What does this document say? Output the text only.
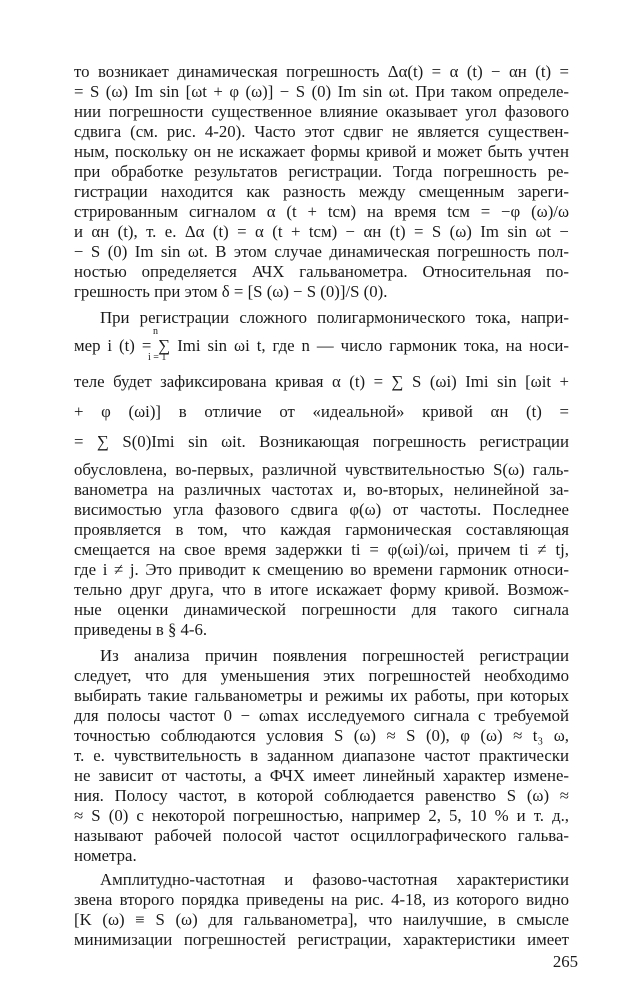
то возникает динамическая погрешность Δα(t) = α (t) − αн (t) =
= S (ω) Im sin [ωt + φ (ω)] − S (0) Im sin ωt. При таком определе-
нии погрешности существенное влияние оказывает угол фазового
сдвига (см. рис. 4-20). Часто этот сдвиг не является существен-
ным, поскольку он не искажает формы кривой и может быть учтен
при обработке результатов регистрации. Тогда погрешность ре-
гистрации находится как разность между смещенным зареги-
стрированным сигналом α (t + tсм) на время tсм = −φ (ω)/ω
и αн (t), т. е. Δα (t) = α (t + tсм) − αн (t) = S (ω) Im sin ωt −
− S (0) Im sin ωt. В этом случае динамическая погрешность пол-
ностью определяется АЧХ гальванометра. Относительная по-
грешность при этом δ = [S (ω) − S (0)]/S (0).
При регистрации сложного полигармонического тока, напри-
мер i (t) = ∑ Imi sin ωi t, где n — число гармоник тока, на носи-
теле будет зафиксирована кривая α (t) = ∑ S (ωi) Imi sin [ωit +
+ φ (ωi)] в отличие от «идеальной» кривой αн (t) =
= ∑ S(0)Imi sin ωit. Возникающая погрешность регистрации
обусловлена, во-первых, различной чувствительностью S(ω) галь-
ванометра на различных частотах и, во-вторых, нелинейной за-
висимостью угла фазового сдвига φ(ω) от частоты. Последнее
проявляется в том, что каждая гармоническая составляющая
смещается на свое время задержки ti = φ(ωi)/ωi, причем ti ≠ tj,
где i ≠ j. Это приводит к смещению во времени гармоник относи-
тельно друг друга, что в итоге искажает форму кривой. Возмож-
ные оценки динамической погрешности для такого сигнала
приведены в § 4-6.
n
i = 1
Из анализа причин появления погрешностей регистрации
следует, что для уменьшения этих погрешностей необходимо
выбирать такие гальванометры и режимы их работы, при которых
для полосы частот 0 − ωmax исследуемого сигнала с требуемой
точностью соблюдаются условия S (ω) ≈ S (0), φ (ω) ≈ t₃ ω,
т. е. чувствительность в заданном диапазоне частот практически
не зависит от частоты, а ФЧХ имеет линейный характер измене-
ния. Полосу частот, в которой соблюдается равенство S (ω) ≈
≈ S (0) с некоторой погрешностью, например 2, 5, 10 % и т. д.,
называют рабочей полосой частот осциллографического гальва-
нометра.
Амплитудно-частотная и фазово-частотная характеристики
звена второго порядка приведены на рис. 4-18, из которого видно
[K (ω) ≡ S (ω) для гальванометра], что наилучшие, в смысле
минимизации погрешностей регистрации, характеристики имеет
265
